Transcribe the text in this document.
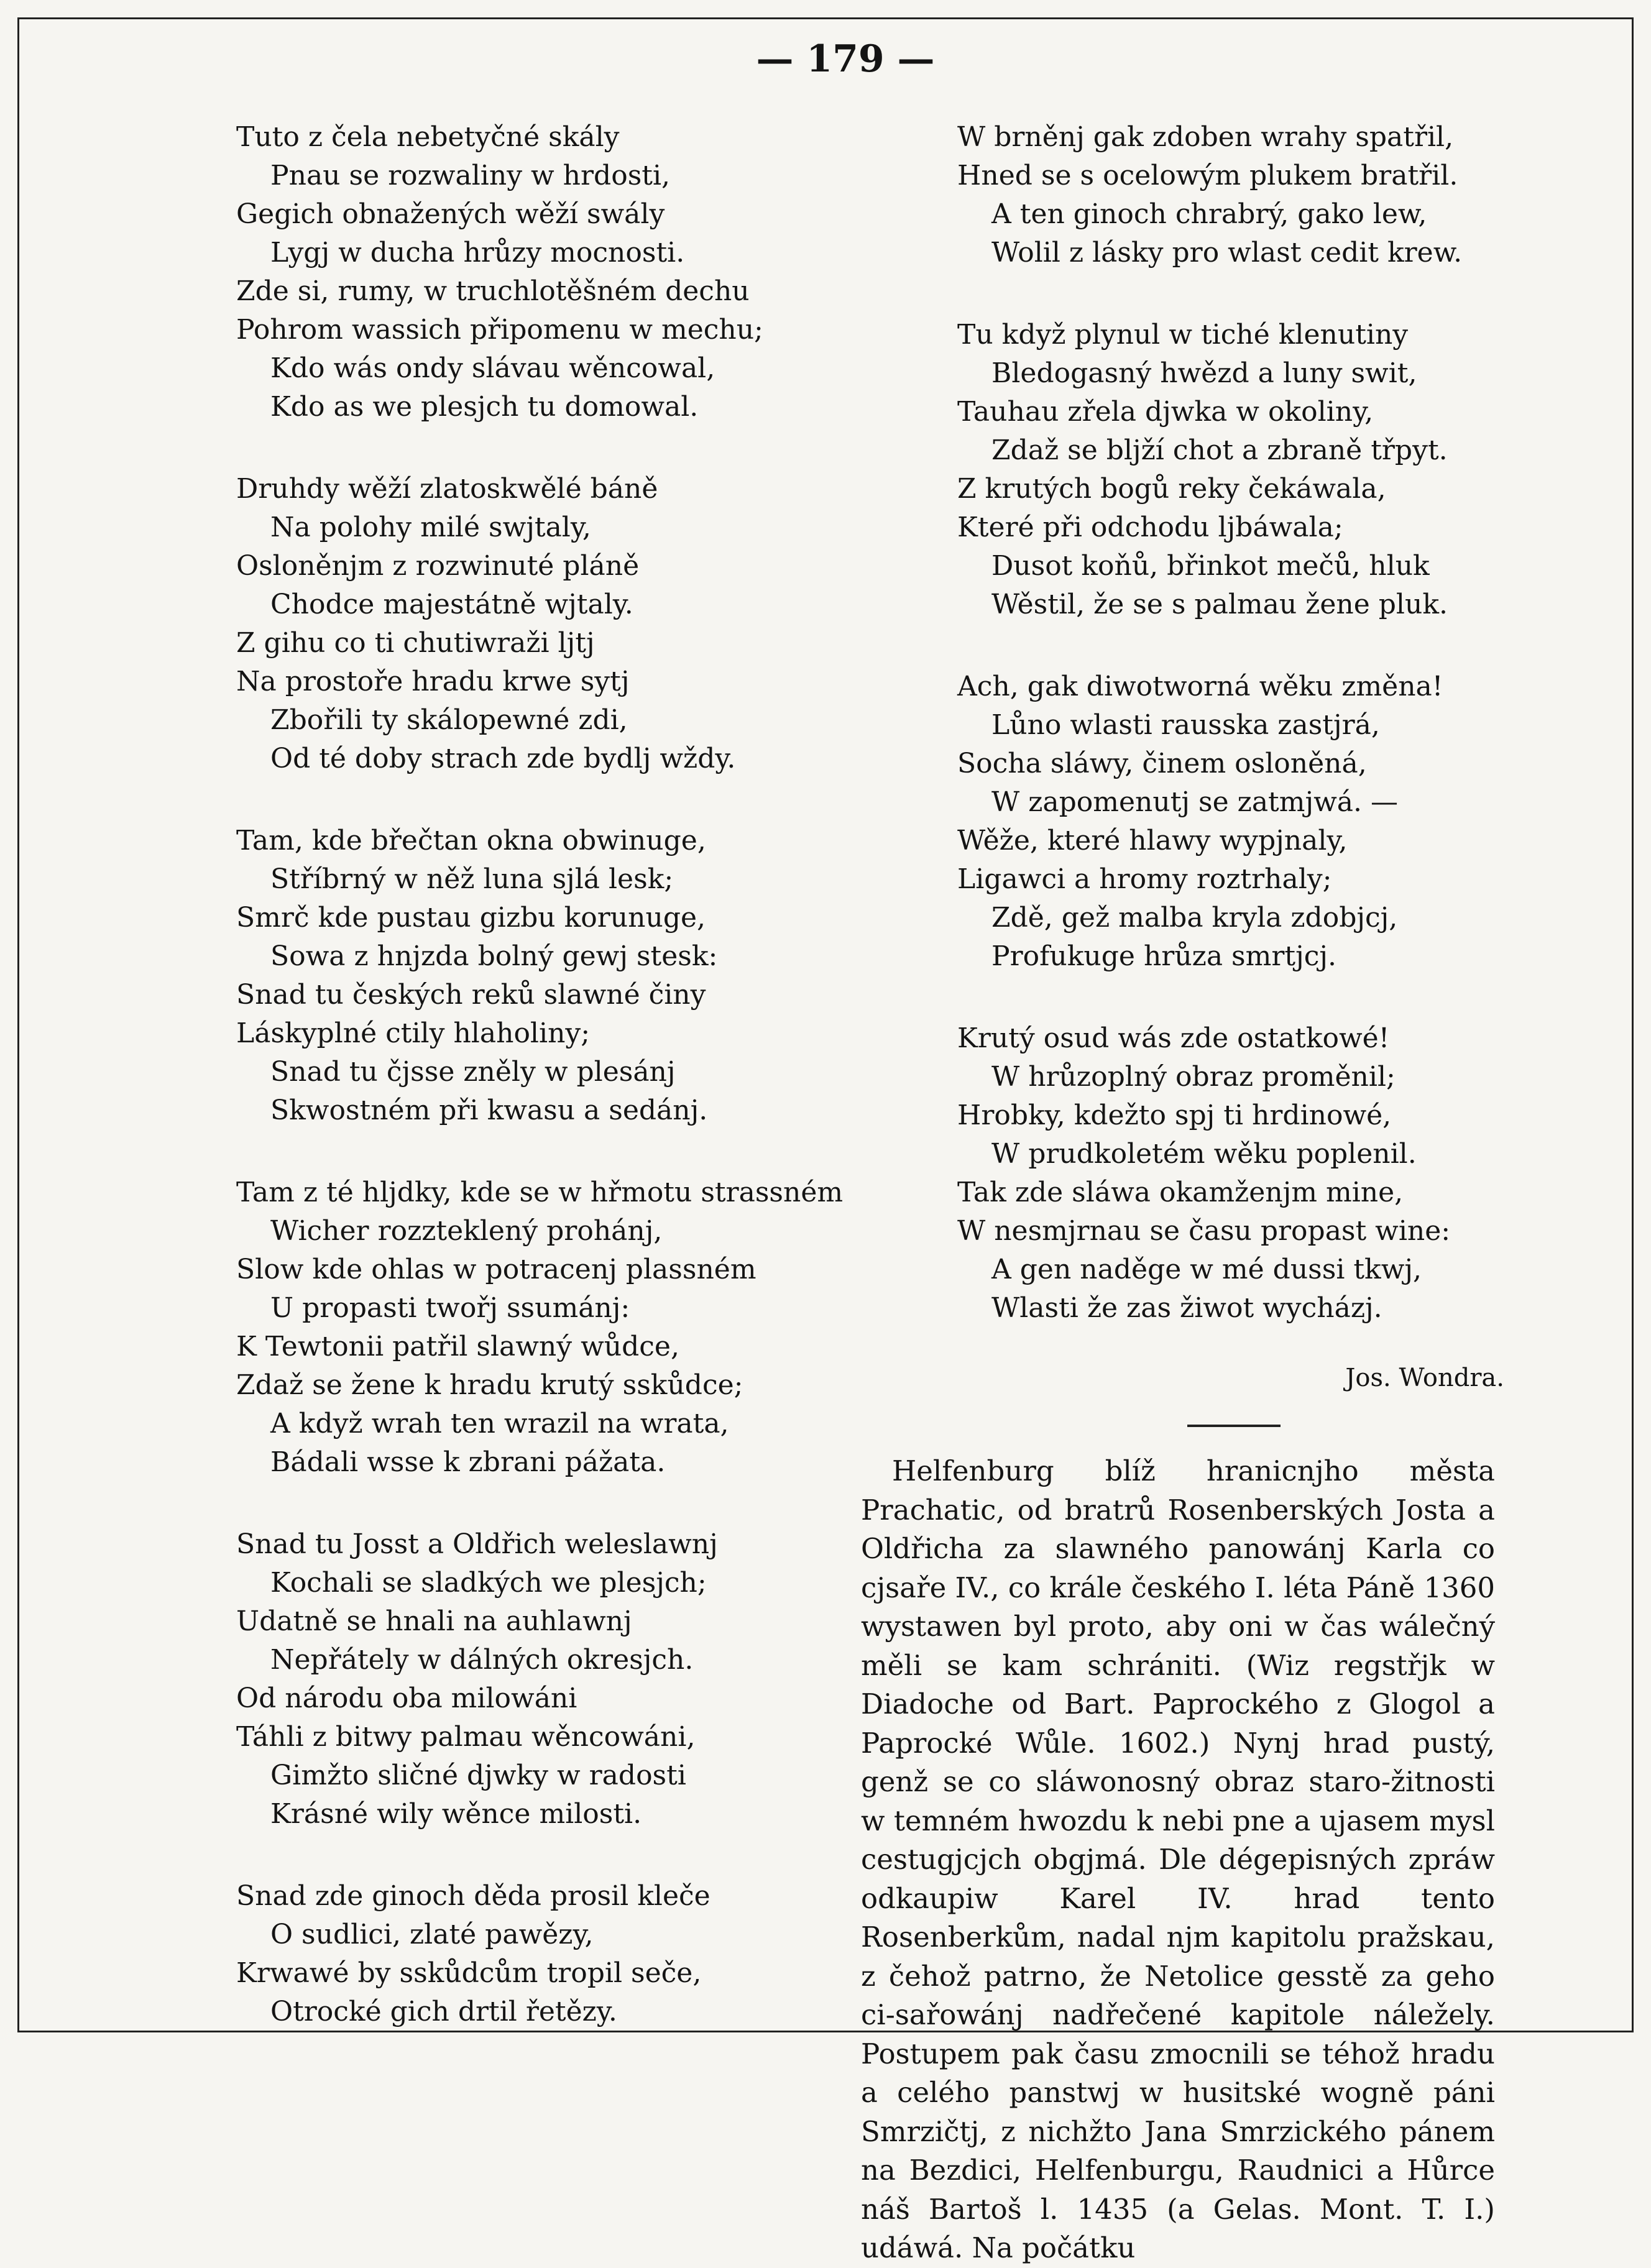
— 179 —
Tuto z čela nebetyčné skály
Pnau se rozwaliny w hrdosti,
Gegich obnažených wěží swály
Lygj w ducha hrůzy mocnosti.
Zde si, rumy, w truchlotěšném dechu
Pohrom wassich připomenu w mechu;
Kdo wás ondy slávau wěncowal,
Kdo as we plesjch tu domowal.
Druhdy wěží zlatoskwělé báně
Na polohy milé swjtaly,
Osloněnjm z rozwinuté pláně
Chodce majestátně wjtaly.
Z gihu co ti chutiwraži ljtj
Na prostoře hradu krwe sytj
Zbořili ty skálopewné zdi,
Od té doby strach zde bydlj wždy.
Tam, kde břečtan okna obwinuge,
Stříbrný w něž luna sjlá lesk;
Smrč kde pustau gizbu korunuge,
Sowa z hnjzda bolný gewj stesk:
Snad tu českých reků slawné činy
Láskyplné ctily hlaholiny;
Snad tu čjsse zněly w plesánj
Skwostném při kwasu a sedánj.
Tam z té hljdky, kde se w hřmotu strassném
Wicher rozzteklený prohánj,
Slow kde ohlas w potracenj plassném
U propasti twořj ssumánj:
K Tewtonii patřil slawný wůdce,
Zdaž se žene k hradu krutý sskůdce;
A když wrah ten wrazil na wrata,
Bádali wsse k zbrani pážata.
Snad tu Josst a Oldřich weleslawnj
Kochali se sladkých we plesjch;
Udatně se hnali na auhlawnj
Nepřátely w dálných okresjch.
Od národu oba milowáni
Táhli z bitwy palmau wěncowáni,
Gimžto sličné djwky w radosti
Krásné wily wěnce milosti.
Snad zde ginoch děda prosil kleče
O sudlici, zlaté pawězy,
Krwawé by sskůdcům tropil seče,
Otrocké gich drtil řetězy.
W brněnj gak zdoben wrahy spatřil,
Hned se s ocelowým plukem bratřil.
A ten ginoch chrabrý, gako lew,
Wolil z lásky pro wlast cedit krew.
Tu když plynul w tiché klenutiny
Bledogasný hwězd a luny swit,
Tauhau zřela djwka w okoliny,
Zdaž se bljží chot a zbraně třpyt.
Z krutých bogů reky čekáwala,
Které při odchodu ljbáwala;
Dusot koňů, břinkot mečů, hluk
Wěstil, že se s palmau žene pluk.
Ach, gak diwotworná wěku změna!
Lůno wlasti rausska zastjrá,
Socha sláwy, činem osloněná,
W zapomenutj se zatmjwá. —
Wěže, které hlawy wypjnaly,
Ligawci a hromy roztrhaly;
Zdě, gež malba kryla zdobjcj,
Profukuge hrůza smrtjcj.
Krutý osud wás zde ostatkowé!
W hrůzoplný obraz proměnil;
Hrobky, kdežto spj ti hrdinowé,
W prudkoletém wěku poplenil.
Tak zde sláwa okamženjm mine,
W nesmjrnau se času propast wine:
A gen naděge w mé dussi tkwj,
Wlasti že zas žiwot wycházj.
Jos. Wondra.
Helfenburg blíž hranicnjho města Prachatic, od bratrů Rosenberských Josta a Oldřicha za slawného panowánj Karla co cjsaře IV., co krále českého I. léta Páně 1360 wystawen byl proto, aby oni w čas wálečný měli se kam schrániti. (Wiz regstřjk w Diadoche od Bart. Paprockého z Glogol a Paprocké Wůle. 1602.) Nynj hrad pustý, genž se co sláwonosný obraz staro-žitnosti w temném hwozdu k nebi pne a ujasem mysl cestugjcjch obgjmá. Dle dégepisných zpráw odkaupiw Karel IV. hrad tento Rosenberkům, nadal njm kapitolu pražskau, z čehož patrno, že Netolice gesstě za geho ci-sařowánj nadřečené kapitole náležely. Postupem pak času zmocnili se téhož hradu a celého panstwj w husitské wogně páni Smrzičtj, z nichžto Jana Smrzického pánem na Bezdici, Helfenburgu, Raudnici a Hůrce náš Bartoš l. 1435 (a Gelas. Mont. T. I.) udáwá. Na počátku
